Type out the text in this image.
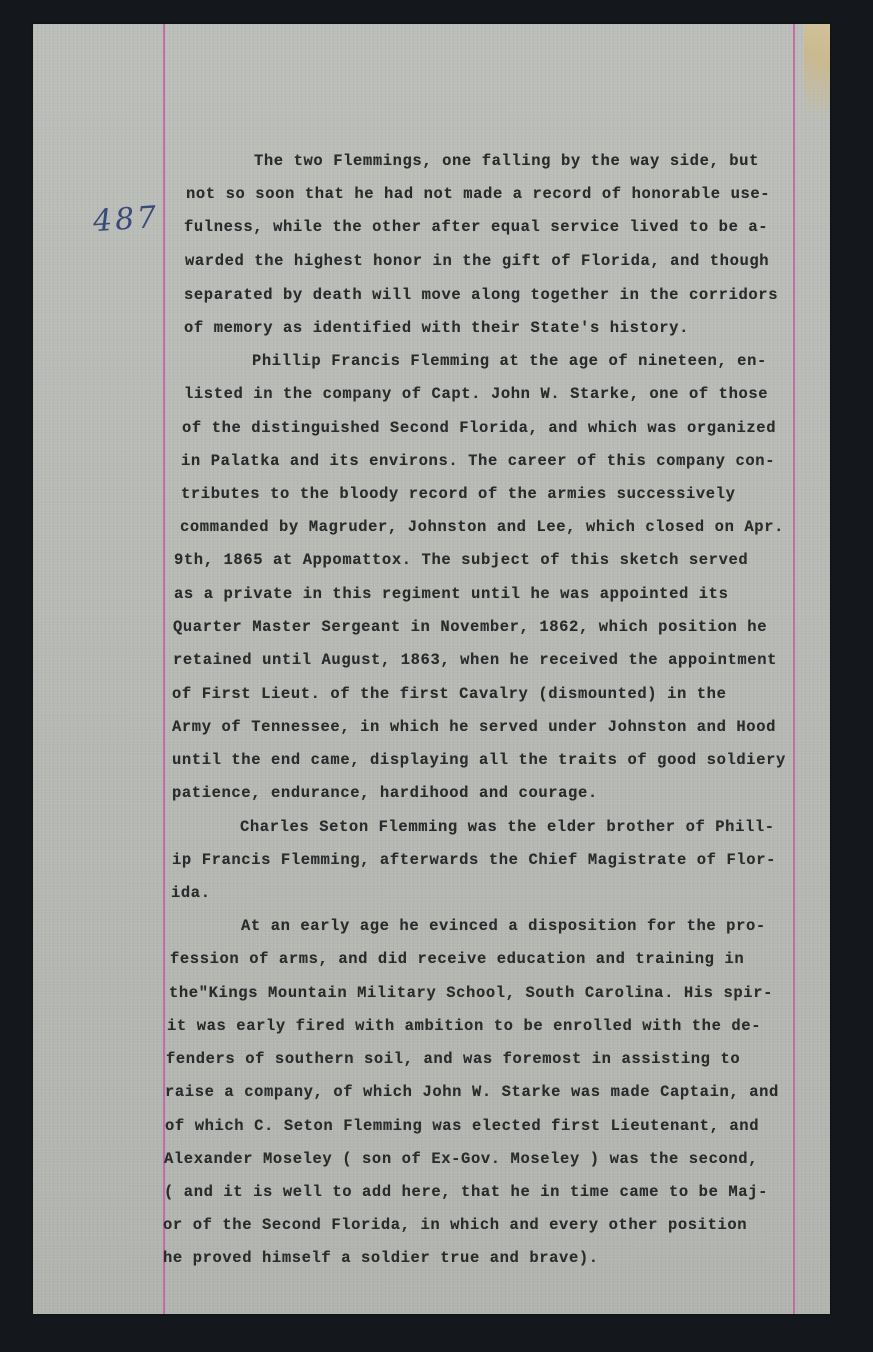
487
The two Flemmings, one falling by the way side, but
not so soon that he had not made a record of honorable use-
fulness, while the other after equal service lived to be a-
warded the highest honor in the gift of Florida, and though
separated by death will move along together in the corridors
of memory as identified with their State's history.
Phillip Francis Flemming at the age of nineteen, en-
listed in the company of Capt. John W. Starke, one of those
of the distinguished Second Florida, and which was organized
in Palatka and its environs. The career of this company con-
tributes to the bloody record of the armies successively
commanded by Magruder, Johnston and Lee, which closed on Apr.
9th, 1865 at Appomattox. The subject of this sketch served
as a private in this regiment until he was appointed its
Quarter Master Sergeant in November, 1862, which position he
retained until August, 1863, when he received the appointment
of First Lieut. of the first Cavalry (dismounted) in the
Army of Tennessee, in which he served under Johnston and Hood
until the end came, displaying all the traits of good soldiery
patience, endurance, hardihood and courage.
Charles Seton Flemming was the elder brother of Phill-
ip Francis Flemming, afterwards the Chief Magistrate of Flor-
ida.
At an early age he evinced a disposition for the pro-
fession of arms, and did receive education and training in
the"Kings Mountain Military School, South Carolina. His spir-
it was early fired with ambition to be enrolled with the de-
fenders of southern soil, and was foremost in assisting to
raise a company, of which John W. Starke was made Captain, and
of which C. Seton Flemming was elected first Lieutenant, and
Alexander Moseley ( son of Ex-Gov. Moseley ) was the second,
( and it is well to add here, that he in time came to be Maj-
or of the Second Florida, in which and every other position
he proved himself a soldier true and brave).
